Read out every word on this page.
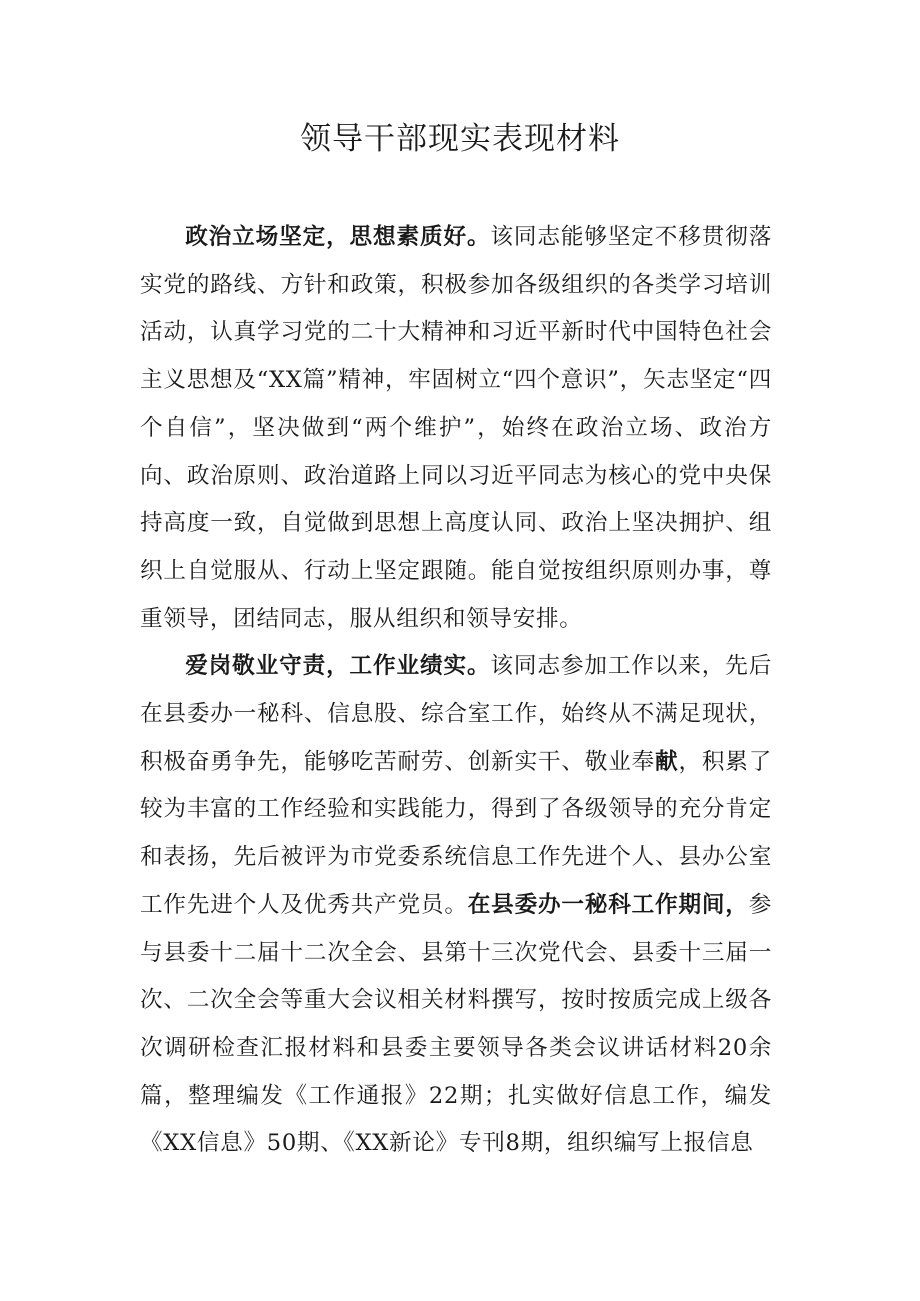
领导干部现实表现材料

政治立场坚定，思想素质好。该同志能够坚定不移贯彻落实党的路线、方针和政策，积极参加各级组织的各类学习培训活动，认真学习党的二十大精神和习近平新时代中国特色社会主义思想及“XX篇”精神，牢固树立“四个意识”，矢志坚定“四个自信”，坚决做到“两个维护”，始终在政治立场、政治方向、政治原则、政治道路上同以习近平同志为核心的党中央保持高度一致，自觉做到思想上高度认同、政治上坚决拥护、组织上自觉服从、行动上坚定跟随。能自觉按组织原则办事，尊重领导，团结同志，服从组织和领导安排。

爱岗敬业守责，工作业绩实。该同志参加工作以来，先后在县委办一秘科、信息股、综合室工作，始终从不满足现状，积极奋勇争先，能够吃苦耐劳、创新实干、敬业奉献，积累了较为丰富的工作经验和实践能力，得到了各级领导的充分肯定和表扬，先后被评为市党委系统信息工作先进个人、县办公室工作先进个人及优秀共产党员。在县委办一秘科工作期间，参与县委十二届十二次全会、县第十三次党代会、县委十三届一次、二次全会等重大会议相关材料撰写，按时按质完成上级各次调研检查汇报材料和县委主要领导各类会议讲话材料20余篇，整理编发《工作通报》22期；扎实做好信息工作，编发《XX信息》50期、《XX新论》专刊8期，组织编写上报信息
